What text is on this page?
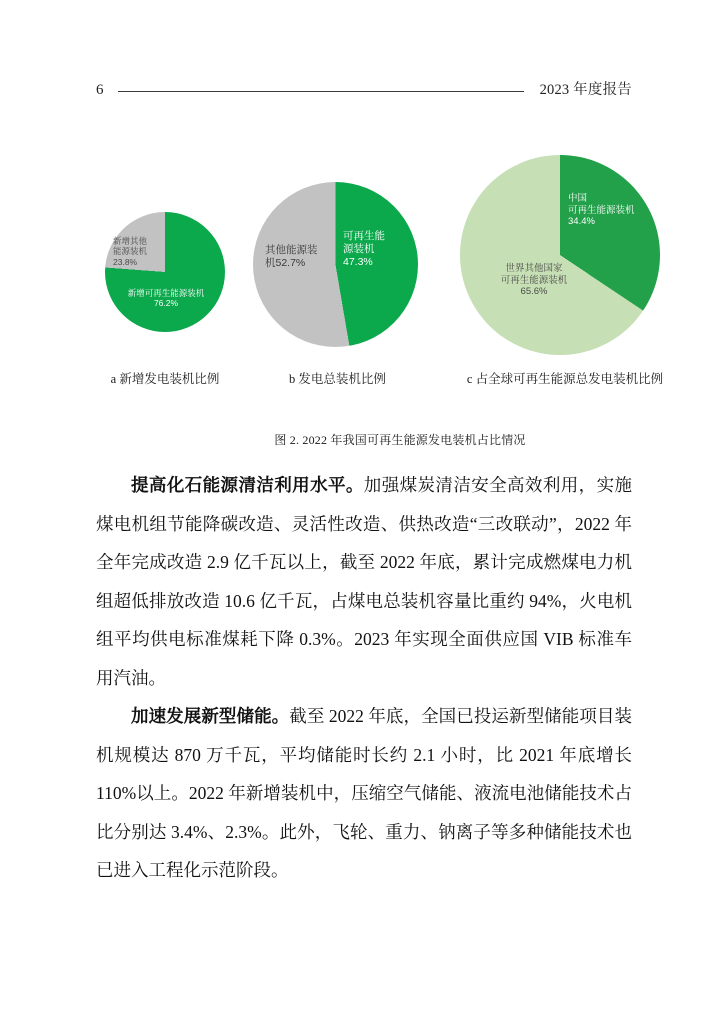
6	2023 年度报告
新增其他
能源装机
23.8%
新增可再生能源装机
76.2%
其他能源装
机52.7%
可再生能
源装机
47.3%
中国
可再生能源装机
34.4%
世界其他国家
可再生能源装机
65.6%
a 新增发电装机比例	b 发电总装机比例	c 占全球可再生能源总发电装机比例
图 2. 2022 年我国可再生能源发电装机占比情况

提高化石能源清洁利用水平。加强煤炭清洁安全高效利用，实施煤电机组节能降碳改造、灵活性改造、供热改造“三改联动”，2022 年全年完成改造 2.9 亿千瓦以上，截至 2022 年底，累计完成燃煤电力机组超低排放改造 10.6 亿千瓦，占煤电总装机容量比重约 94%，火电机组平均供电标准煤耗下降 0.3%。2023 年实现全面供应国 VIB 标准车用汽油。

加速发展新型储能。截至 2022 年底，全国已投运新型储能项目装机规模达 870 万千瓦，平均储能时长约 2.1 小时，比 2021 年底增长 110%以上。2022 年新增装机中，压缩空气储能、液流电池储能技术占比分别达 3.4%、2.3%。此外，飞轮、重力、钠离子等多种储能技术也已进入工程化示范阶段。
